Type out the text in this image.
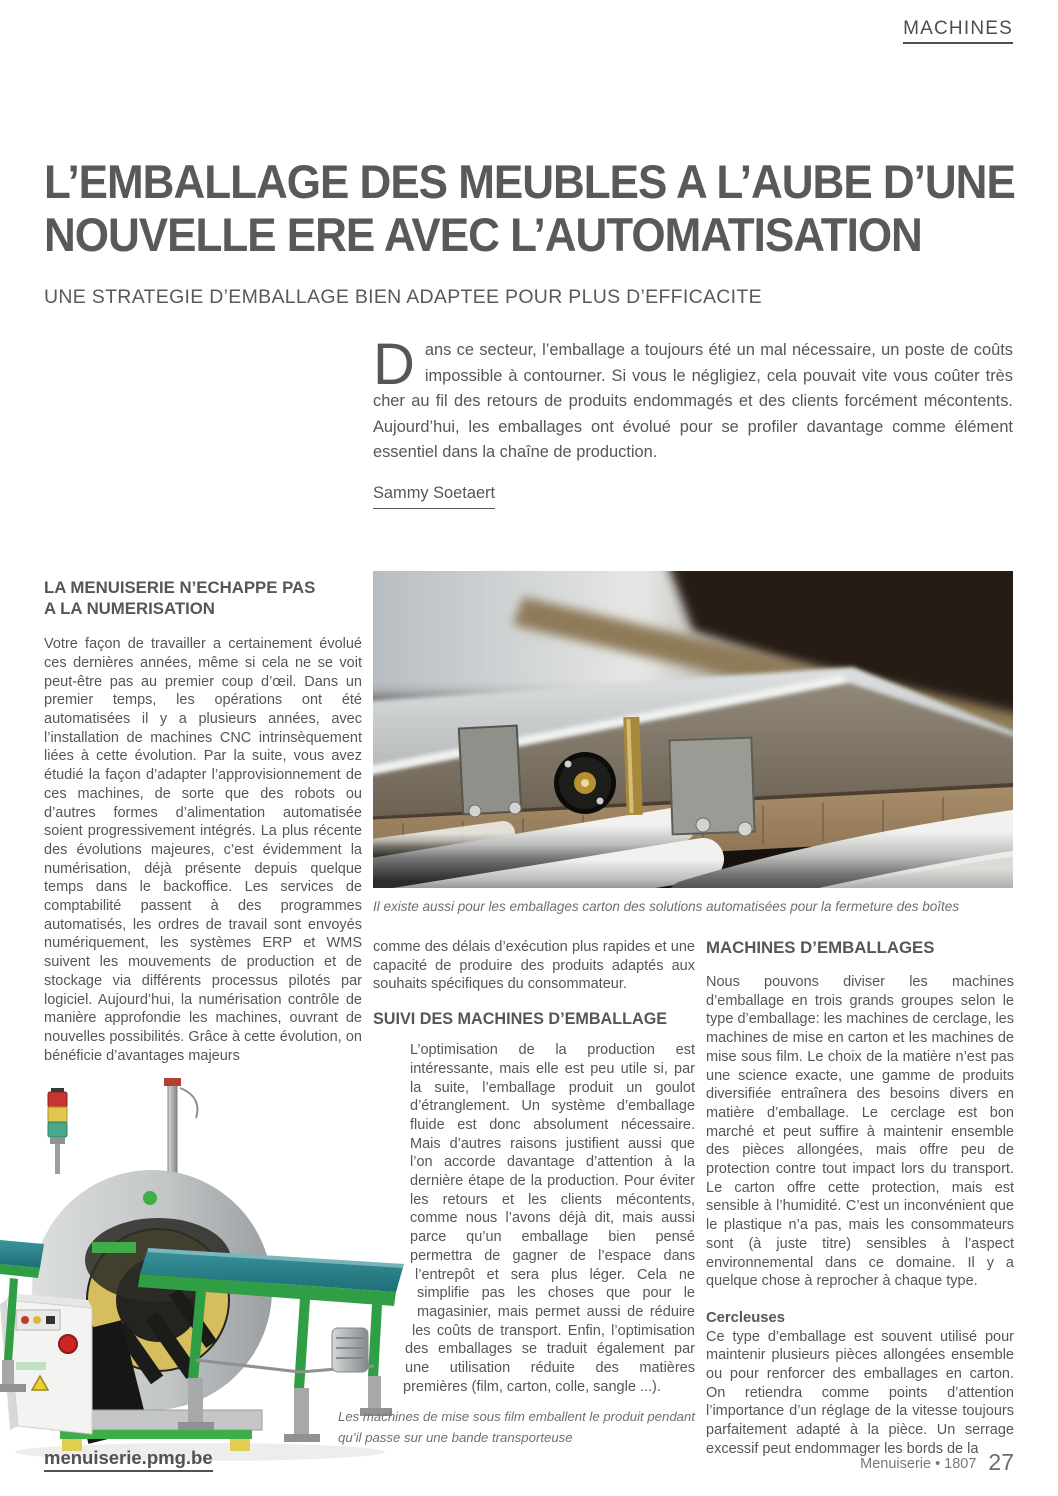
MACHINES
L’EMBALLAGE DES MEUBLES A L’AUBE D’UNE
NOUVELLE ERE AVEC L’AUTOMATISATION
UNE STRATEGIE D’EMBALLAGE BIEN ADAPTEE POUR PLUS D’EFFICACITE

Dans ce secteur, l’emballage a toujours été un mal nécessaire, un poste de coûts impossible à contourner. Si vous le négligiez, cela pouvait vite vous coûter très cher au fil des retours de produits endommagés et des clients forcément mécontents. Aujourd’hui, les emballages ont évolué pour se profiler davantage comme élément essentiel dans la chaîne de production.

Sammy Soetaert
LA MENUISERIE N’ECHAPPE PAS
A LA NUMERISATION

Votre façon de travailler a certainement évolué ces dernières années, même si cela ne se voit peut-être pas au premier coup d’œil. Dans un premier temps, les opérations ont été automatisées il y a plusieurs années, avec l’installation de machines CNC intrinsèquement liées à cette évolution. Par la suite, vous avez étudié la façon d’adapter l’approvisionnement de ces machines, de sorte que des robots ou d’autres formes d’alimentation automatisée soient progressivement intégrés. La plus récente des évolutions majeures, c’est évidemment la numérisation, déjà présente depuis quelque temps dans le backoffice. Les services de comptabilité passent à des programmes automatisés, les ordres de travail sont envoyés numériquement, les systèmes ERP et WMS suivent les mouvements de production et de stockage via différents processus pilotés par logiciel. Aujourd’hui, la numérisation contrôle de manière approfondie les machines, ouvrant de nouvelles possibilités. Grâce à cette évolution, on bénéficie d’avantages majeurs

Il existe aussi pour les emballages carton des solutions automatisées pour la fermeture des boîtes

comme des délais d’exécution plus rapides et une capacité de produire des produits adaptés aux souhaits spécifiques du consommateur.

SUIVI DES MACHINES D’EMBALLAGE

L’optimisation de la production est intéressante, mais elle est peu utile si, par la suite, l’emballage produit un goulot d’étranglement. Un système d’emballage fluide est donc absolument nécessaire. Mais d’autres raisons justifient aussi que l’on accorde davantage d’attention à la dernière étape de la production. Pour éviter les retours et les clients mécontents, comme nous l’avons déjà dit, mais aussi parce qu’un emballage bien pensé permettra de gagner de l’espace dans l’entrepôt et sera plus léger. Cela ne simplifie pas les choses que pour le magasinier, mais permet aussi de réduire les coûts de transport. Enfin, l’optimisation des emballages se traduit également par une utilisation réduite des matières premières (film, carton, colle, sangle ...).

MACHINES D’EMBALLAGES

Nous pouvons diviser les machines d’emballage en trois grands groupes selon le type d’emballage: les machines de cerclage, les machines de mise en carton et les machines de mise sous film. Le choix de la matière n’est pas une science exacte, une gamme de produits diversifiée entraînera des besoins divers en matière d’emballage. Le cerclage est bon marché et peut suffire à maintenir ensemble des pièces allongées, mais offre peu de protection contre tout impact lors du transport. Le carton offre cette protection, mais est sensible à l’humidité. C’est un inconvénient que le plastique n’a pas, mais les consommateurs sont (à juste titre) sensibles à l’aspect environnemental dans ce domaine. Il y a quelque chose à reprocher à chaque type.

Cercleuses

Ce type d’emballage est souvent utilisé pour maintenir plusieurs pièces allongées ensemble ou pour renforcer des emballages en carton. On retiendra comme points d’attention l’importance d’un réglage de la vitesse toujours parfaitement adapté à la pièce. Un serrage excessif peut endommager les bords de la

Les machines de mise sous film emballent le produit pendant qu’il passe sur une bande transporteuse
menuiserie.pmg.be	Menuiserie • 1807 27
